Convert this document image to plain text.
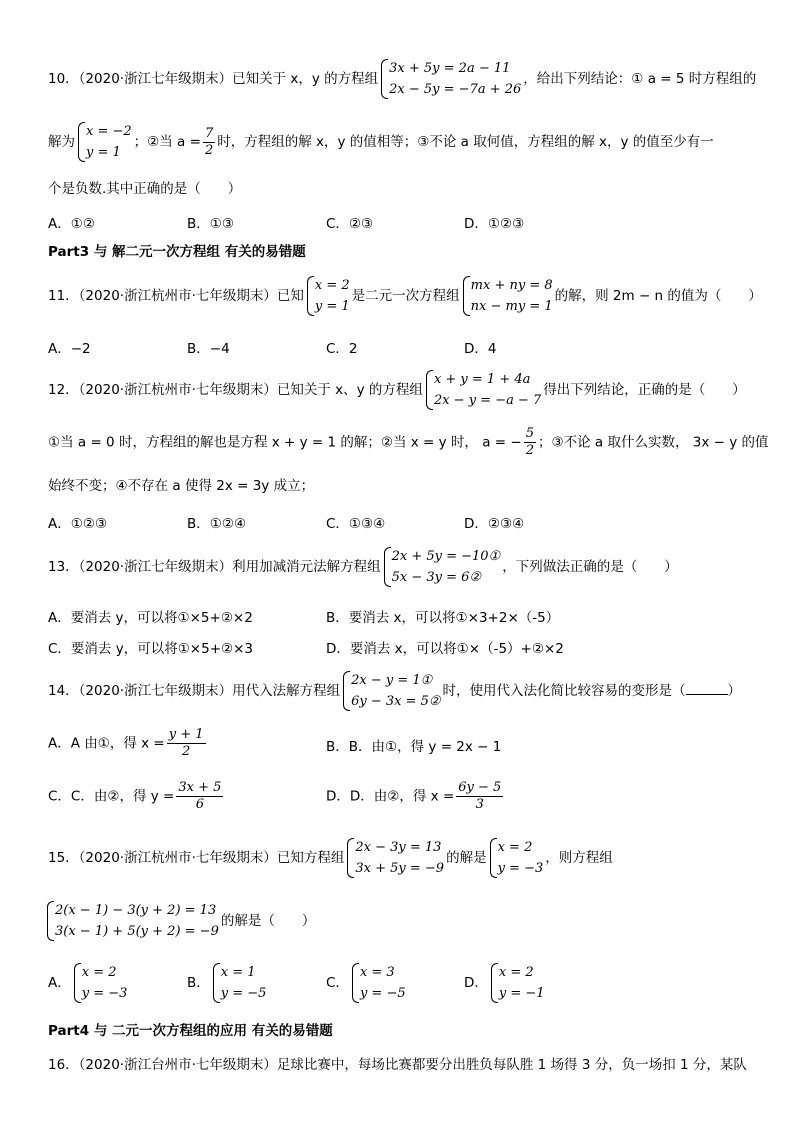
10．（2020·浙江七年级期末）已知关于 x，y 的方程组
3x + 5y = 2a − 11
2x − 5y = −7a + 26
，给出下列结论：① a = 5 时方程组的
解为
x = −2
y = 1
；②当 $a = \frac{7}{2}$ 时，方程组的解 x，y 的值相等；③不论 a 取何值，方程组的解 x，y 的值至少有一
个是负数.其中正确的是（　　）
A．①②	B．①③	C．②③	D．①②③
Part3 与 解二元一次方程组 有关的易错题
11．（2020·浙江杭州市·七年级期末）已知
x = 2
y = 1
是二元一次方程组
mx + ny = 8
nx − my = 1
的解，则 2m − n 的值为（　　）
A．−2	B．−4	C．2	D．4
12．（2020·浙江杭州市·七年级期末）已知关于 x、y 的方程组
x + y = 1 + 4a
2x − y = −a − 7
得出下列结论，正确的是（　　）
①当 a = 0 时，方程组的解也是方程 x + y = 1 的解；②当 x = y 时， a = − $\frac{5}{2}$ ；③不论 a 取什么实数， 3x − y 的值
始终不变；④不存在 a 使得 2x = 3y 成立；
A．①②③	B．①②④	C．①③④	D．②③④
13．（2020·浙江七年级期末）利用加减消元法解方程组
2x + 5y = −10①
5x − 3y = 6②
，下列做法正确的是（　　）
A．要消去 y，可以将①×5+②×2	B．要消去 x，可以将①×3+2×（-5）
C．要消去 y，可以将①×5+②×3	D．要消去 x，可以将①×（-5）+②×2
14．（2020·浙江七年级期末）用代入法解方程组
2x − y = 1①
6y − 3x = 5②
时，使用代入法化简比较容易的变形是（	）
A．A 由①，得 $x = \frac{y + 1}{2}$	B．B．由①，得 y = 2x − 1
C．C．由②，得 $y = \frac{3x + 5}{6}$	D．D．由②，得 $x = \frac{6y - 5}{3}$
15．（2020·浙江杭州市·七年级期末）已知方程组
2x − 3y = 13
3x + 5y = −9
的解是
x = 2
y = −3
，则方程组
2(x − 1) − 3(y + 2) = 13
3(x − 1) + 5(y + 2) = −9
的解是（　　）
A．
x = 2
y = −3
B．
x = 1
y = −5
C．
x = 3
y = −5
D．
x = 2
y = −1
Part4 与 二元一次方程组的应用 有关的易错题
16．（2020·浙江台州市·七年级期末）足球比赛中，每场比赛都要分出胜负每队胜 1 场得 3 分，负一场扣 1 分，某队
